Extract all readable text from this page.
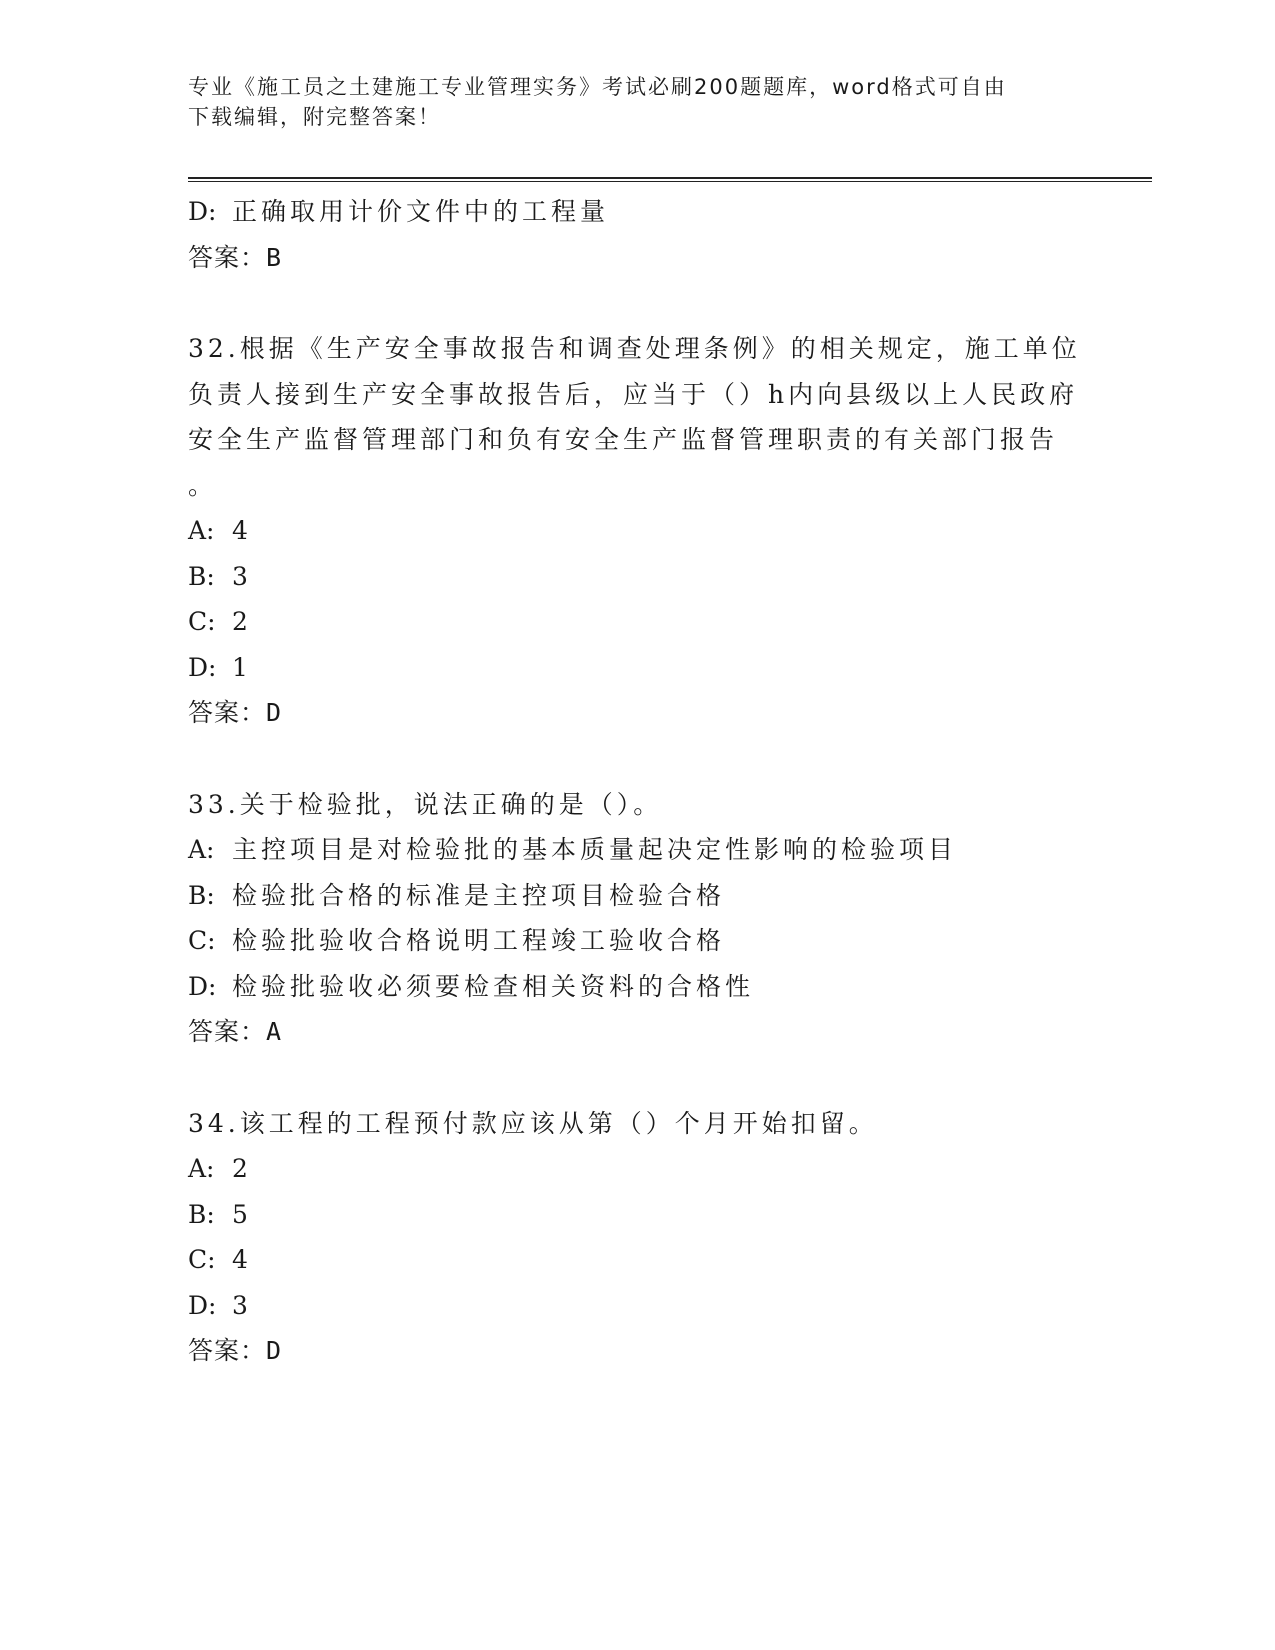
专业《施工员之土建施工专业管理实务》考试必刷200题题库，word格式可自由
下载编辑，附完整答案！
D: 正确取用计价文件中的工程量
答案：B
32.根据《生产安全事故报告和调查处理条例》的相关规定，施工单位
负责人接到生产安全事故报告后，应当于（）h内向县级以上人民政府
安全生产监督管理部门和负有安全生产监督管理职责的有关部门报告
。
A: 4
B: 3
C: 2
D: 1
答案：D
33.关于检验批，说法正确的是（）。
A: 主控项目是对检验批的基本质量起决定性影响的检验项目
B: 检验批合格的标准是主控项目检验合格
C: 检验批验收合格说明工程竣工验收合格
D: 检验批验收必须要检查相关资料的合格性
答案：A
34.该工程的工程预付款应该从第（）个月开始扣留。
A: 2
B: 5
C: 4
D: 3
答案：D
